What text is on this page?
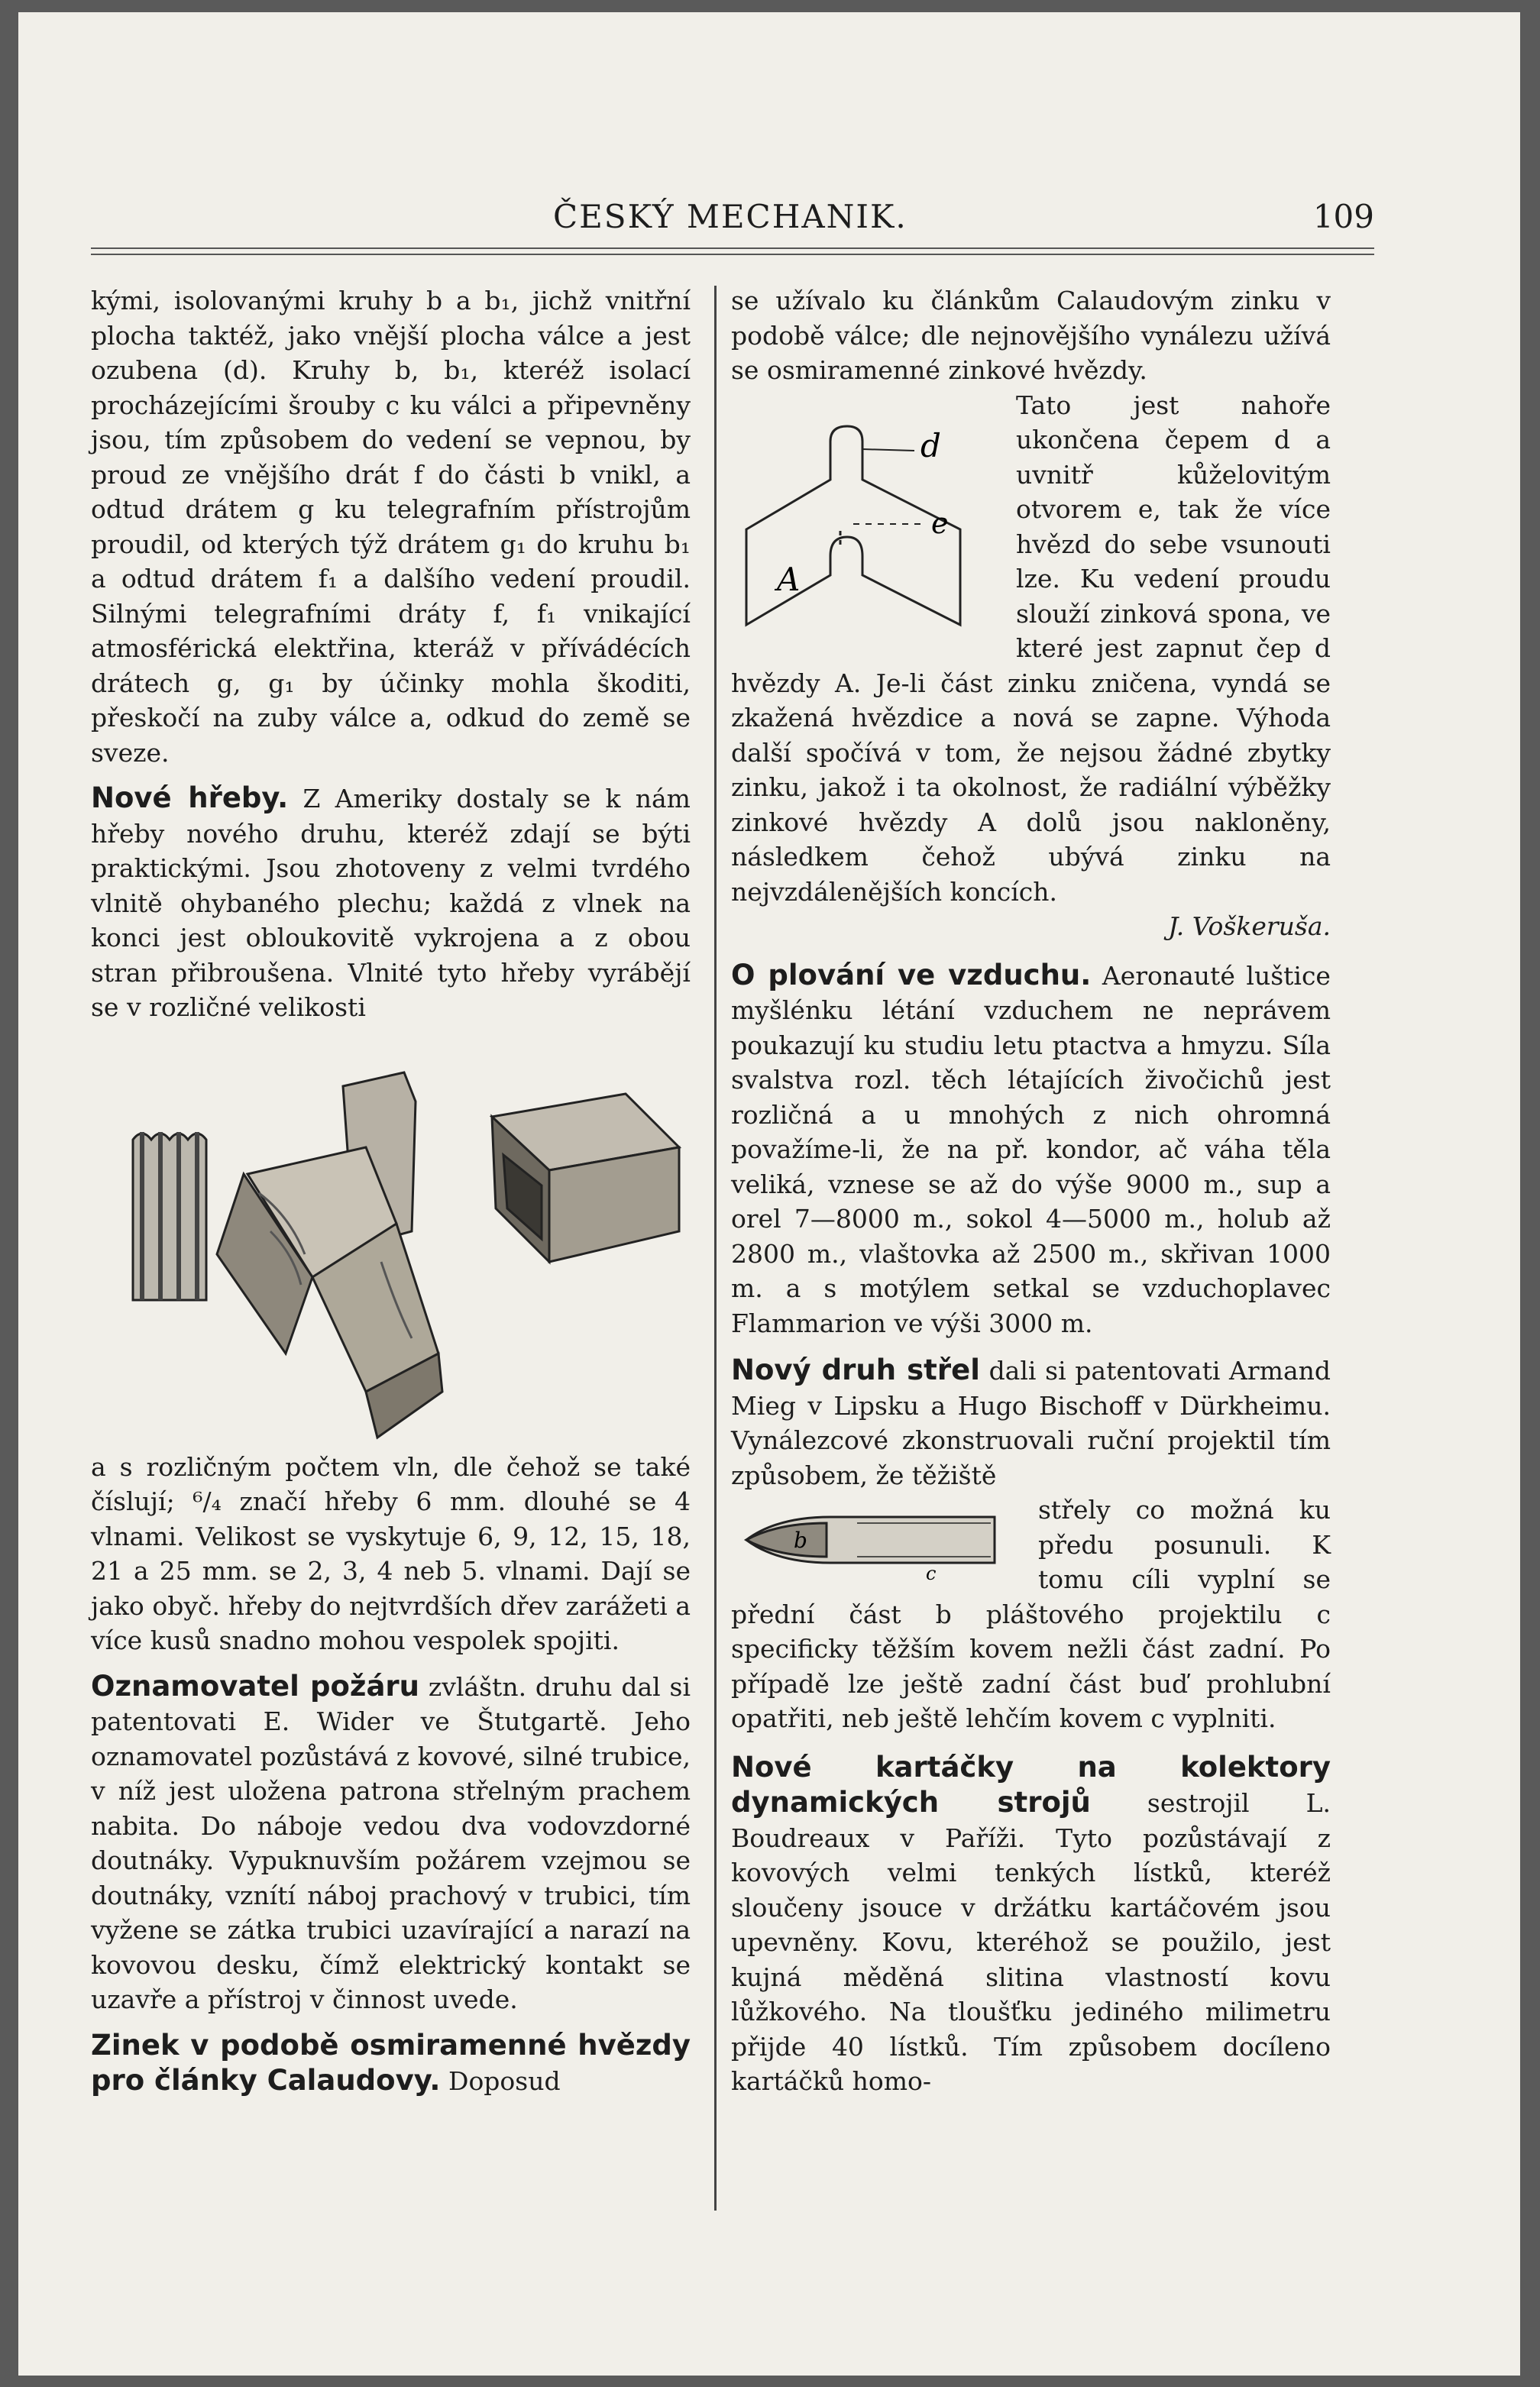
ČESKÝ MECHANIK.	109

kými, isolovanými kruhy b a b₁, jichž vnitřní plocha taktéž, jako vnější plocha válce a jest ozubena (d). Kruhy b, b₁, kteréž isolací procházejícími šrouby c ku válci a připevněny jsou, tím způsobem do vedení se vepnou, by proud ze vnějšího drát f do části b vnikl, a odtud drátem g ku telegrafním přístrojům proudil, od kterých týž drátem g₁ do kruhu b₁ a odtud drátem f₁ a dalšího vedení proudil. Silnými telegrafními dráty f, f₁ vnikající atmosférická elektřina, kteráž v přívádécích drátech g, g₁ by účinky mohla škoditi, přeskočí na zuby válce a, odkud do země se sveze.

Nové hřeby. Z Ameriky dostaly se k nám hřeby nového druhu, kteréž zdají se býti praktickými. Jsou zhotoveny z velmi tvrdého vlnitě ohybaného plechu; každá z vlnek na konci jest obloukovitě vykrojena a z obou stran přibroušena. Vlnité tyto hřeby vyrábějí se v rozličné velikosti

a s rozličným počtem vln, dle čehož se také číslují; ⁶/₄ značí hřeby 6 mm. dlouhé se 4 vlnami. Velikost se vyskytuje 6, 9, 12, 15, 18, 21 a 25 mm. se 2, 3, 4 neb 5. vlnami. Dají se jako obyč. hřeby do nejtvrdších dřev zarážeti a více kusů snadno mohou vespolek spojiti.

Oznamovatel požáru zvláštn. druhu dal si patentovati E. Wider ve Štutgartě. Jeho oznamovatel pozůstává z kovové, silné trubice, v níž jest uložena patrona střelným prachem nabita. Do náboje vedou dva vodovzdorné doutnáky. Vypuknuvším požárem vzejmou se doutnáky, vznítí náboj prachový v trubici, tím vyžene se zátka trubici uzavírající a narazí na kovovou desku, čímž elektrický kontakt se uzavře a přístroj v činnost uvede.

Zinek v podobě osmiramenné hvězdy pro články Calaudovy. Doposud

se užívalo ku článkům Calaudovým zinku v podobě válce; dle nejnovějšího vynálezu užívá se osmiramenné zinkové hvězdy.

d
e
A

Tato jest nahoře ukončena čepem d a uvnitř kůželovitým otvorem e, tak že více hvězd do sebe vsunouti lze. Ku vedení proudu slouží zinková spona, ve které jest zapnut čep d hvězdy A. Je-li část zinku zničena, vyndá se zkažená hvězdice a nová se zapne. Výhoda další spočívá v tom, že nejsou žádné zbytky zinku, jakož i ta okolnost, že radiální výběžky zinkové hvězdy A dolů jsou nakloněny, následkem čehož ubývá zinku na nejvzdálenějších koncích.

J. Voškeruša.

O plování ve vzduchu. Aeronauté luštice myšlénku létání vzduchem ne neprávem poukazují ku studiu letu ptactva a hmyzu. Síla svalstva rozl. těch létajících živočichů jest rozličná a u mnohých z nich ohromná považíme-li, že na př. kondor, ač váha těla veliká, vznese se až do výše 9000 m., sup a orel 7—8000 m., sokol 4—5000 m., holub až 2800 m., vlaštovka až 2500 m., skřivan 1000 m. a s motýlem setkal se vzduchoplavec Flammarion ve výši 3000 m.

Nový druh střel dali si patentovati Armand Mieg v Lipsku a Hugo Bischoff v Dürkheimu. Vynálezcové zkonstruovali ruční projektil tím způsobem, že těžiště

b
c

střely co možná ku předu posunuli. K tomu cíli vyplní se přední část b pláštového projektilu c specificky těžším kovem nežli část zadní. Po případě lze ještě zadní část buď prohlubní opatřiti, neb ještě lehčím kovem c vyplniti.

Nové kartáčky na kolektory dynamických strojů sestrojil L. Boudreaux v Paříži. Tyto pozůstávají z kovových velmi tenkých lístků, kteréž sloučeny jsouce v držátku kartáčovém jsou upevněny. Kovu, kteréhož se použilo, jest kujná měděná slitina vlastností kovu lůžkového. Na tloušťku jediného milimetru přijde 40 lístků. Tím způsobem docíleno kartáčků homo-
